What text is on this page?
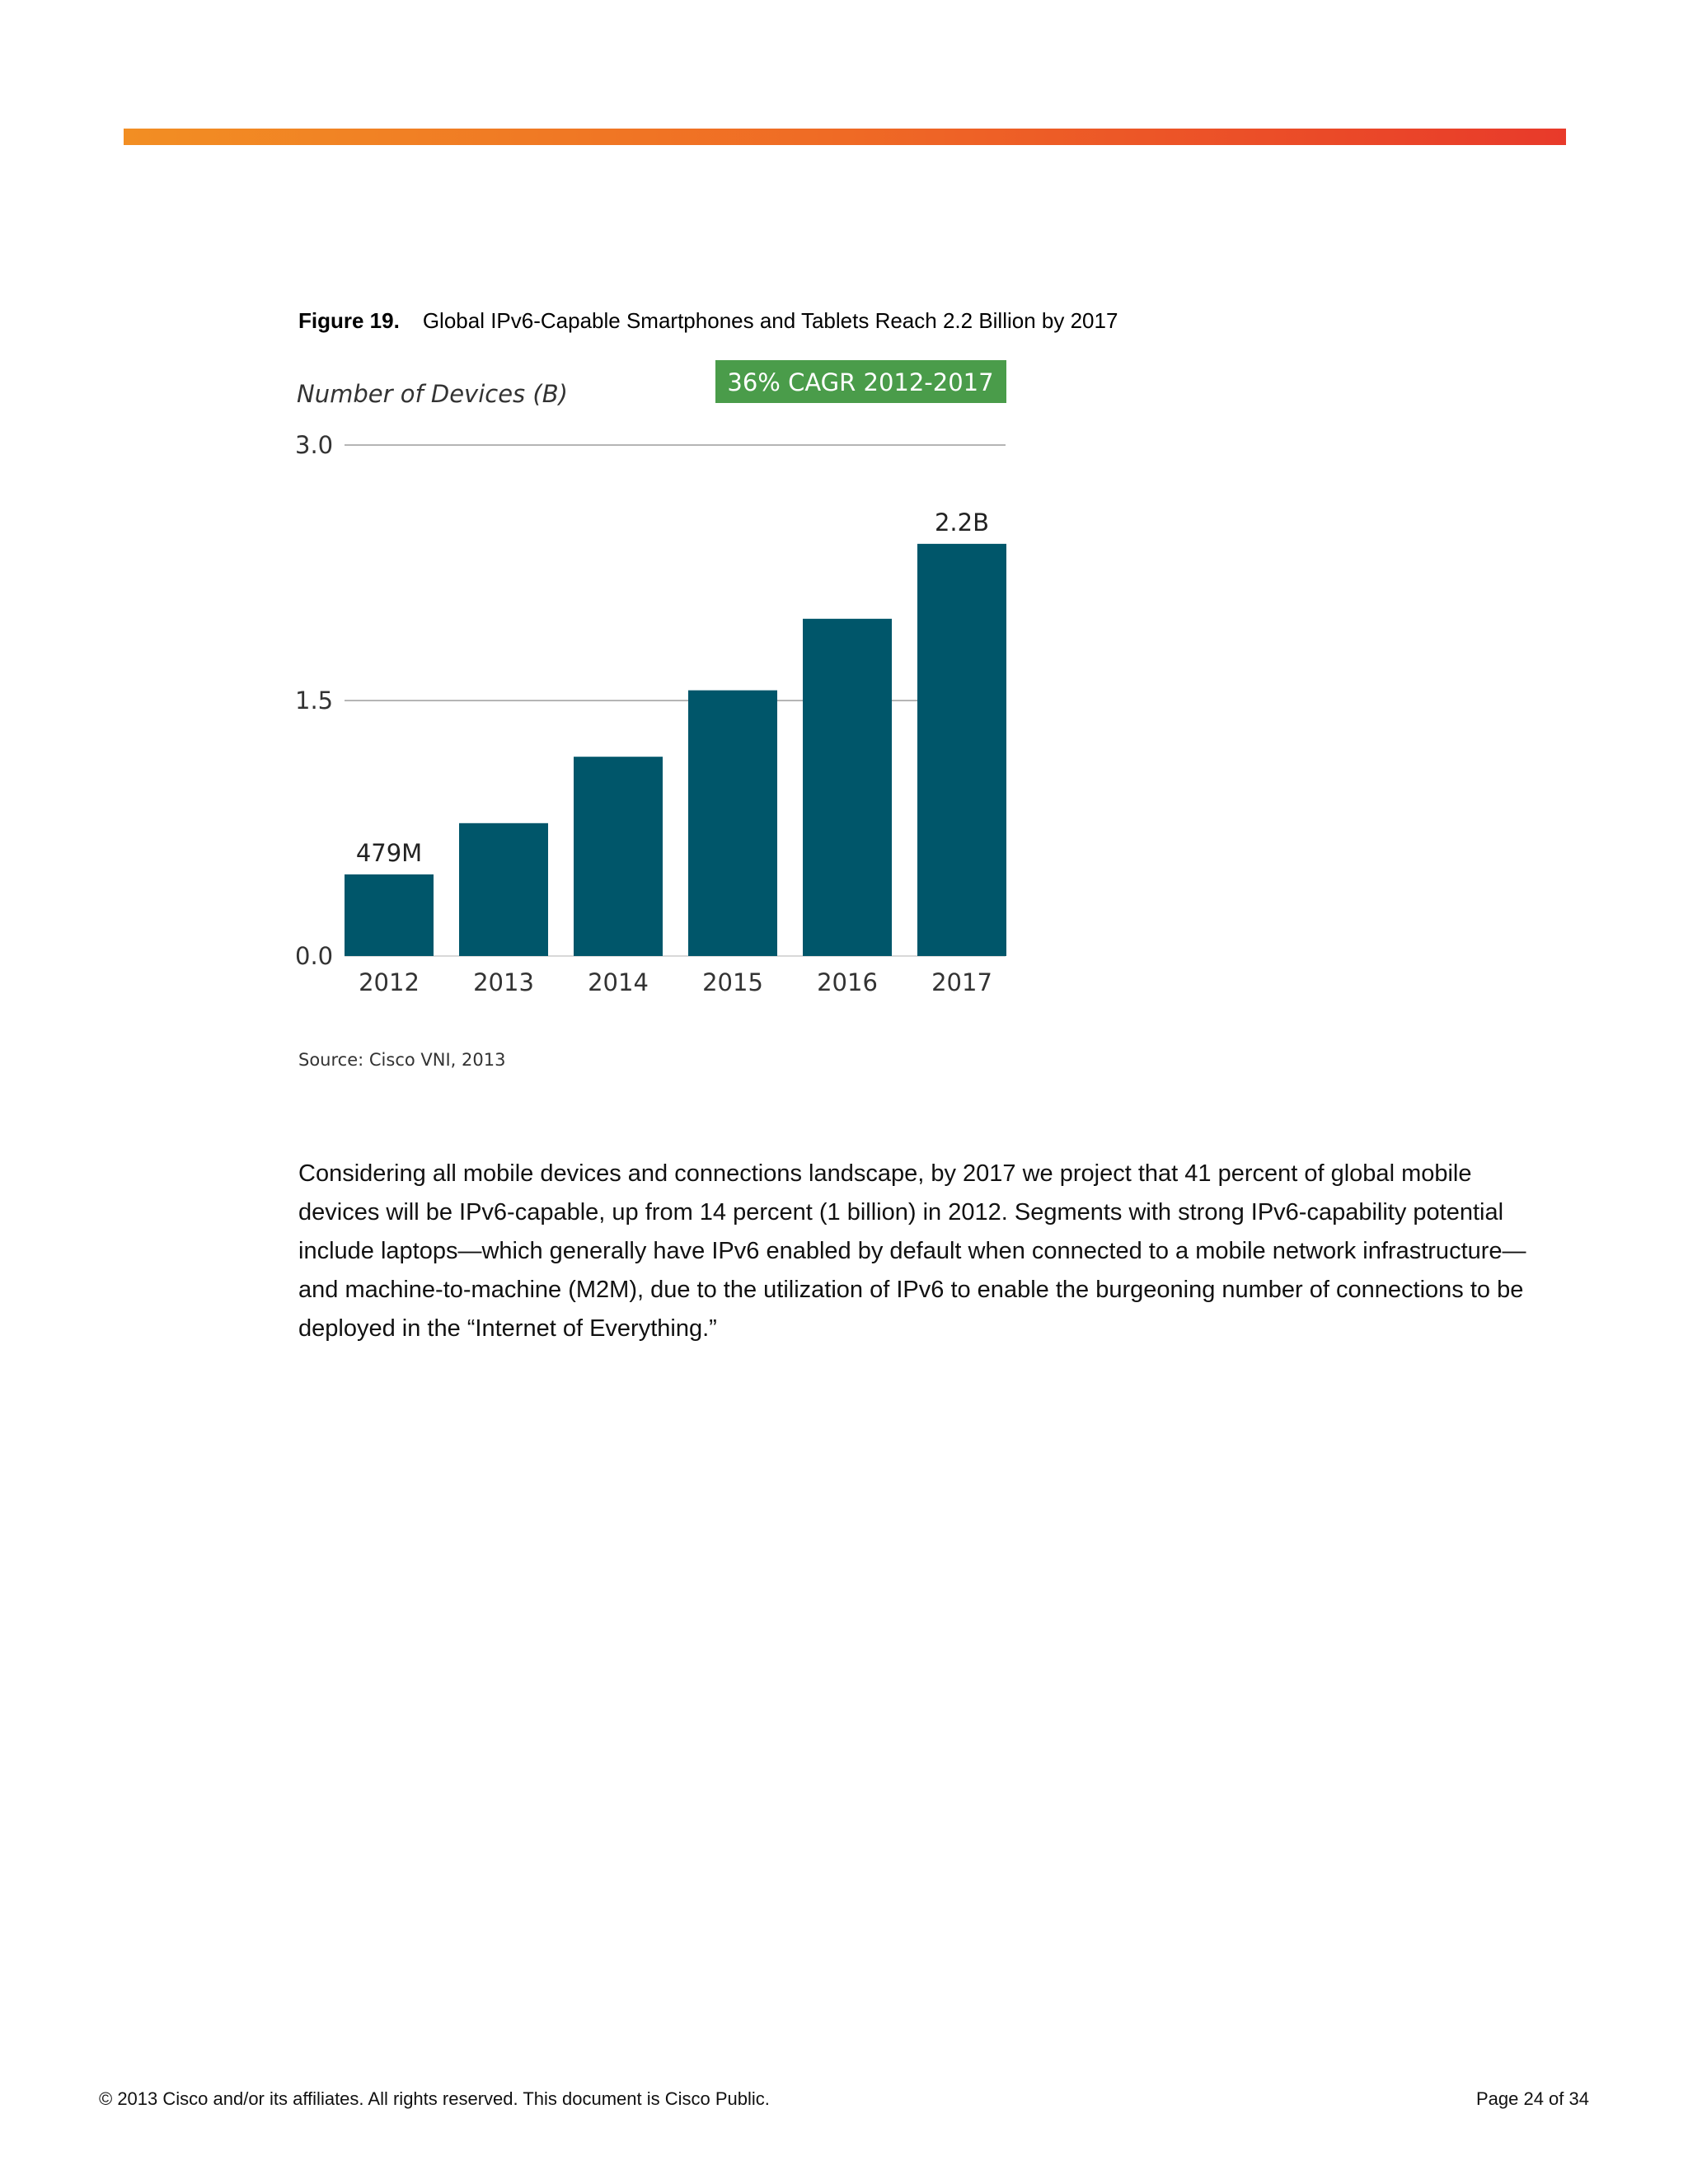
Figure 19. Global IPv6-Capable Smartphones and Tablets Reach 2.2 Billion by 2017
0.0
1.5
3.0
2012
479M
2013 2014 2015 2016 2017
2.2B
Number of Devices (B)	36% CAGR 2012-2017
Source: Cisco VNI, 2013

Considering all mobile devices and connections landscape, by 2017 we project that 41 percent of global mobile devices will be IPv6-capable, up from 14 percent (1 billion) in 2012. Segments with strong IPv6-capability potential include laptops—which generally have IPv6 enabled by default when connected to a mobile network infrastructure—and machine-to-machine (M2M), due to the utilization of IPv6 to enable the burgeoning number of connections to be deployed in the “Internet of Everything.”

© 2013 Cisco and/or its affiliates. All rights reserved. This document is Cisco Public.	Page 24 of 34
